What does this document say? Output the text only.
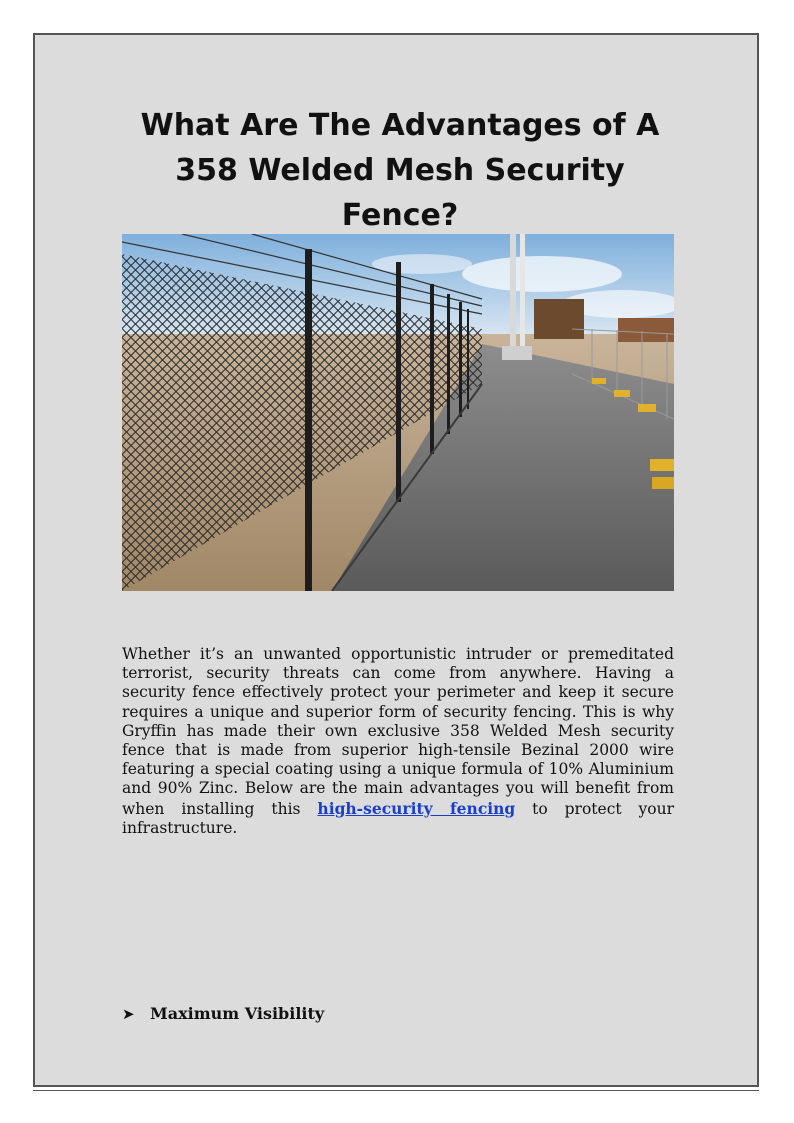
What Are The Advantages of A 358 Welded Mesh Security Fence?

Whether it’s an unwanted opportunistic intruder or premeditated terrorist, security threats can come from anywhere. Having a security fence effectively protect your perimeter and keep it secure requires a unique and superior form of security fencing. This is why Gryffin has made their own exclusive 358 Welded Mesh security fence that is made from superior high-tensile Bezinal 2000 wire featuring a special coating using a unique formula of 10% Aluminium and 90% Zinc. Below are the main advantages you will benefit from when installing this high-security fencing to protect your infrastructure.

➤ Maximum Visibility
